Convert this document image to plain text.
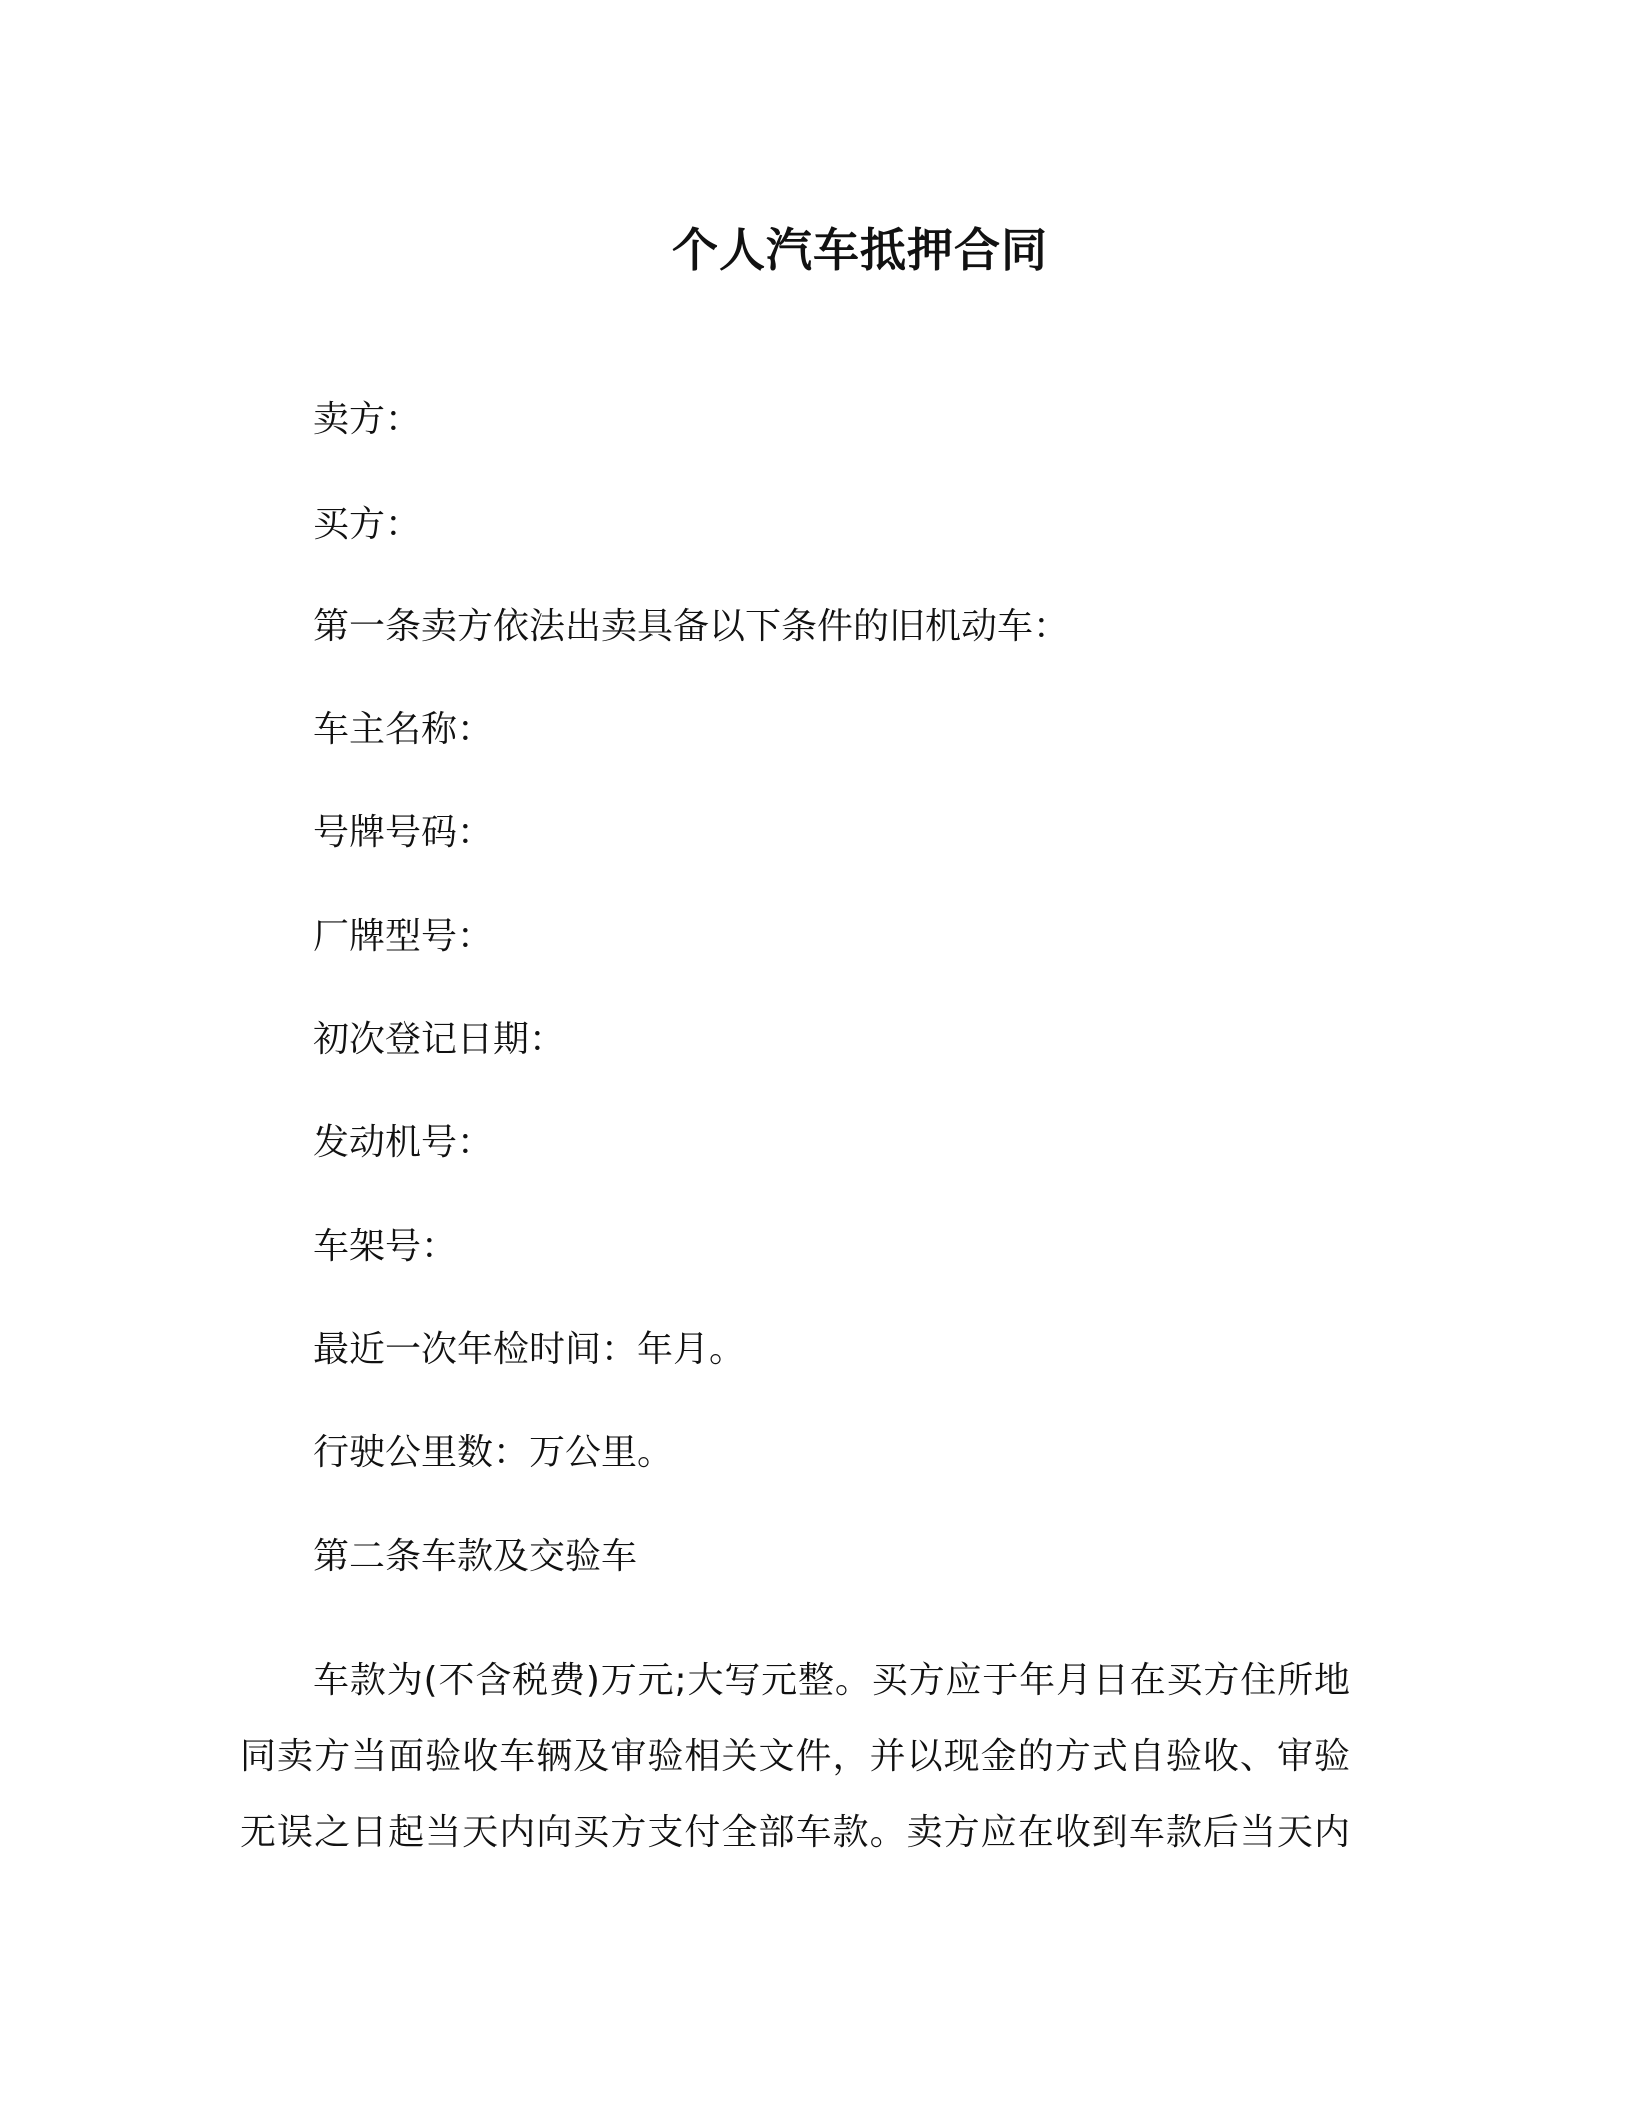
个人汽车抵押合同

卖方：

买方：

第一条卖方依法出卖具备以下条件的旧机动车：

车主名称：

号牌号码：

厂牌型号：

初次登记日期：

发动机号：

车架号：

最近一次年检时间：年月。

行驶公里数：万公里。

第二条车款及交验车

车款为(不含税费)万元;大写元整。买方应于年月日在买方住所地
同卖方当面验收车辆及审验相关文件，并以现金的方式自验收、审验
无误之日起当天内向买方支付全部车款。卖方应在收到车款后当天内
